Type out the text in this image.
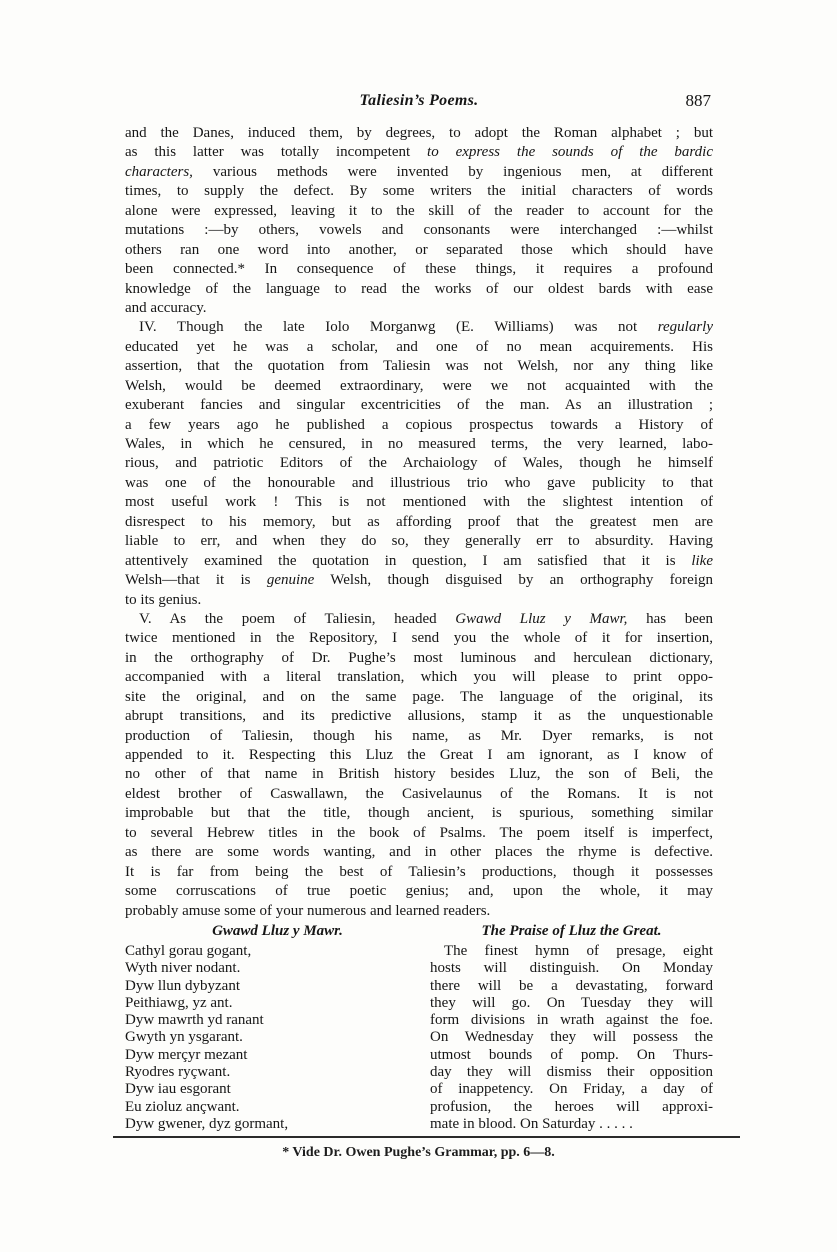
Taliesin’s Poems.	887
and the Danes, induced them, by degrees, to adopt the Roman alphabet ; but
as this latter was totally incompetent to express the sounds of the bardic
characters, various methods were invented by ingenious men, at different
times, to supply the defect. By some writers the initial characters of words
alone were expressed, leaving it to the skill of the reader to account for the
mutations :—by others, vowels and consonants were interchanged :—whilst
others ran one word into another, or separated those which should have
been connected.* In consequence of these things, it requires a profound
knowledge of the language to read the works of our oldest bards with ease
and accuracy.
IV. Though the late Iolo Morganwg (E. Williams) was not regularly
educated yet he was a scholar, and one of no mean acquirements. His
assertion, that the quotation from Taliesin was not Welsh, nor any thing like
Welsh, would be deemed extraordinary, were we not acquainted with the
exuberant fancies and singular excentricities of the man. As an illustration ;
a few years ago he published a copious prospectus towards a History of
Wales, in which he censured, in no measured terms, the very learned, labo-
rious, and patriotic Editors of the Archaiology of Wales, though he himself
was one of the honourable and illustrious trio who gave publicity to that
most useful work ! This is not mentioned with the slightest intention of
disrespect to his memory, but as affording proof that the greatest men are
liable to err, and when they do so, they generally err to absurdity. Having
attentively examined the quotation in question, I am satisfied that it is like
Welsh—that it is genuine Welsh, though disguised by an orthography foreign
to its genius.
V. As the poem of Taliesin, headed Gwawd Lluz y Mawr, has been
twice mentioned in the Repository, I send you the whole of it for insertion,
in the orthography of Dr. Pughe’s most luminous and herculean dictionary,
accompanied with a literal translation, which you will please to print oppo-
site the original, and on the same page. The language of the original, its
abrupt transitions, and its predictive allusions, stamp it as the unquestionable
production of Taliesin, though his name, as Mr. Dyer remarks, is not
appended to it. Respecting this Lluz the Great I am ignorant, as I know of
no other of that name in British history besides Lluz, the son of Beli, the
eldest brother of Caswallawn, the Casivelaunus of the Romans. It is not
improbable but that the title, though ancient, is spurious, something similar
to several Hebrew titles in the book of Psalms. The poem itself is imperfect,
as there are some words wanting, and in other places the rhyme is defective.
It is far from being the best of Taliesin’s productions, though it possesses
some corruscations of true poetic genius; and, upon the whole, it may
probably amuse some of your numerous and learned readers.
Gwawd Lluz y Mawr.
Cathyl gorau gogant,
Wyth niver nodant.
Dyw llun dybyzant
Peithiawg, yz ant.
Dyw mawrth yd ranant
Gwyth yn ysgarant.
Dyw merçyr mezant
Ryodres ryçwant.
Dyw iau esgorant
Eu zioluz ançwant.
Dyw gwener, dyz gormant,
The Praise of Lluz the Great.
The finest hymn of presage, eight
hosts will distinguish. On Monday
there will be a devastating, forward
they will go. On Tuesday they will
form divisions in wrath against the foe.
On Wednesday they will possess the
utmost bounds of pomp. On Thurs-
day they will dismiss their opposition
of inappetency. On Friday, a day of
profusion, the heroes will approxi-
mate in blood. On Saturday . . . . .
* Vide Dr. Owen Pughe’s Grammar, pp. 6—8.
